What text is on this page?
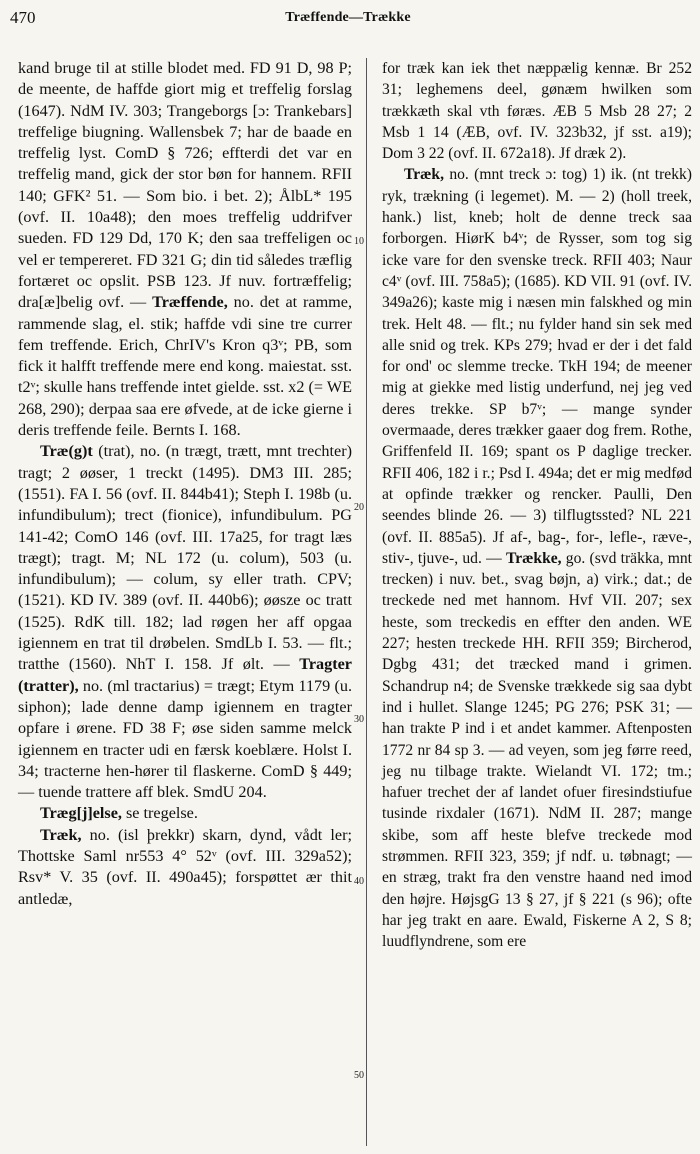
470	Træffende—Trække

kand bruge til at stille blodet med. FD 91 D, 98 P; de meente, de haffde giort mig et treffelig forslag (1647). NdM IV. 303; Trangeborgs [ɔ: Trankebars] treffelige biugning. Wallensbek 7; har de baade en treffelig lyst. ComD § 726; effterdi det var en treffelig mand, gick der stor bøn for hannem. RFII 140; GFK² 51. — Som bio. i bet. 2); ÅlbL* 195 (ovf. II. 10a48); den moes treffelig uddrifver sueden. FD 129 Dd, 170 K; den saa treffeligen oc vel er tempereret. FD 321 G; din tid således træflig fortæret oc opslit. PSB 123. Jf nuv. fortræffelig; dra[æ]belig ovf. — Træffende, no. det at ramme, rammende slag, el. stik; haffde vdi sine tre currer fem treffende. Erich, ChrIV's Kron q3ᵛ; PB, som fick it halfft treffende mere end kong. maiestat. sst. t2ᵛ; skulle hans treffende intet gielde. sst. x2 (= WE 268, 290); derpaa saa ere øfvede, at de icke gierne i deris treffende feile. Bernts I. 168.

Træ(g)t (trat), no. (n trægt, trætt, mnt trechter) tragt; 2 øøser, 1 treckt (1495). DM3 III. 285; (1551). FA I. 56 (ovf. II. 844b41); Steph I. 198b (u. infundibulum); trect (fionice), infundibulum. PG 141-42; ComO 146 (ovf. III. 17a25, for tragt læs trægt); tragt. M; NL 172 (u. colum), 503 (u. infundibulum); — colum, sy eller trath. CPV; (1521). KD IV. 389 (ovf. II. 440b6); øøsze oc tratt (1525). RdK till. 182; lad røgen her aff opgaa igiennem en trat til drøbelen. SmdLb I. 53. — flt.; tratthe (1560). NhT I. 158. Jf ølt. — Tragter (tratter), no. (ml tractarius) = trægt; Etym 1179 (u. siphon); lade denne damp igiennem en tragter opfare i ørene. FD 38 F; øse siden samme melck igiennem en tracter udi en færsk koeblære. Holst I. 34; tracterne hen-hører til flaskerne. ComD § 449; — tuende trattere aff blek. SmdU 204.

Træg[j]else, se tregelse.

Træk, no. (isl þrekkr) skarn, dynd, vådt ler; Thottske Saml nr553 4° 52ᵛ (ovf. III. 329a52); Rsv* V. 35 (ovf. II. 490a45); forspøttet ær thit antledæ,

10
20
30
40
50

for træk kan iek thet næppælig kennæ. Br 252 31; leghemens deel, gønæm hwilken som trækkæth skal vth føræs. ÆB 5 Msb 28 27; 2 Msb 1 14 (ÆB, ovf. IV. 323b32, jf sst. a19); Dom 3 22 (ovf. II. 672a18). Jf dræk 2).

Træk, no. (mnt treck ɔ: tog) 1) ik. (nt trekk) ryk, trækning (i legemet). M. — 2) (holl treek, hank.) list, kneb; holt de denne treck saa forborgen. HiørK b4ᵛ; de Rysser, som tog sig icke vare for den svenske treck. RFII 403; Naur c4ᵛ (ovf. III. 758a5); (1685). KD VII. 91 (ovf. IV. 349a26); kaste mig i næsen min falskhed og min trek. Helt 48. — flt.; nu fylder hand sin sek med alle snid og trek. KPs 279; hvad er der i det fald for ond' oc slemme trecke. TkH 194; de meener mig at giekke med listig underfund, nej jeg ved deres trekke. SP b7ᵛ; — mange synder overmaade, deres trækker gaaer dog frem. Rothe, Griffenfeld II. 169; spant os P daglige trecker. RFII 406, 182 i r.; Psd I. 494a; det er mig medfød at opfinde trækker og rencker. Paulli, Den seendes blinde 26. — 3) tilflugtssted? NL 221 (ovf. II. 885a5). Jf af-, bag-, for-, lefle-, ræve-, stiv-, tjuve-, ud. — Trække, go. (svd träkka, mnt trecken) i nuv. bet., svag bøjn, a) virk.; dat.; de treckede ned met hannom. Hvf VII. 207; sex heste, som treckedis en effter den anden. WE 227; hesten treckede HH. RFII 359; Bircherod, Dgbg 431; det træcked mand i grimen. Schandrup n4; de Svenske trækkede sig saa dybt ind i hullet. Slange 1245; PG 276; PSK 31; — han trakte P ind i et andet kammer. Aftenposten 1772 nr 84 sp 3. — ad veyen, som jeg førre reed, jeg nu tilbage trakte. Wielandt VI. 172; tm.; hafuer trechet der af landet ofuer firesindstiufue tusinde rixdaler (1671). NdM II. 287; mange skibe, som aff heste blefve treckede mod strømmen. RFII 323, 359; jf ndf. u. tøbnagt; — en stræg, trakt fra den venstre haand ned imod den højre. HøjsgG 13 § 27, jf § 221 (s 96); ofte har jeg trakt en aare. Ewald, Fiskerne A 2, S 8; luudflyndrene, som ere
